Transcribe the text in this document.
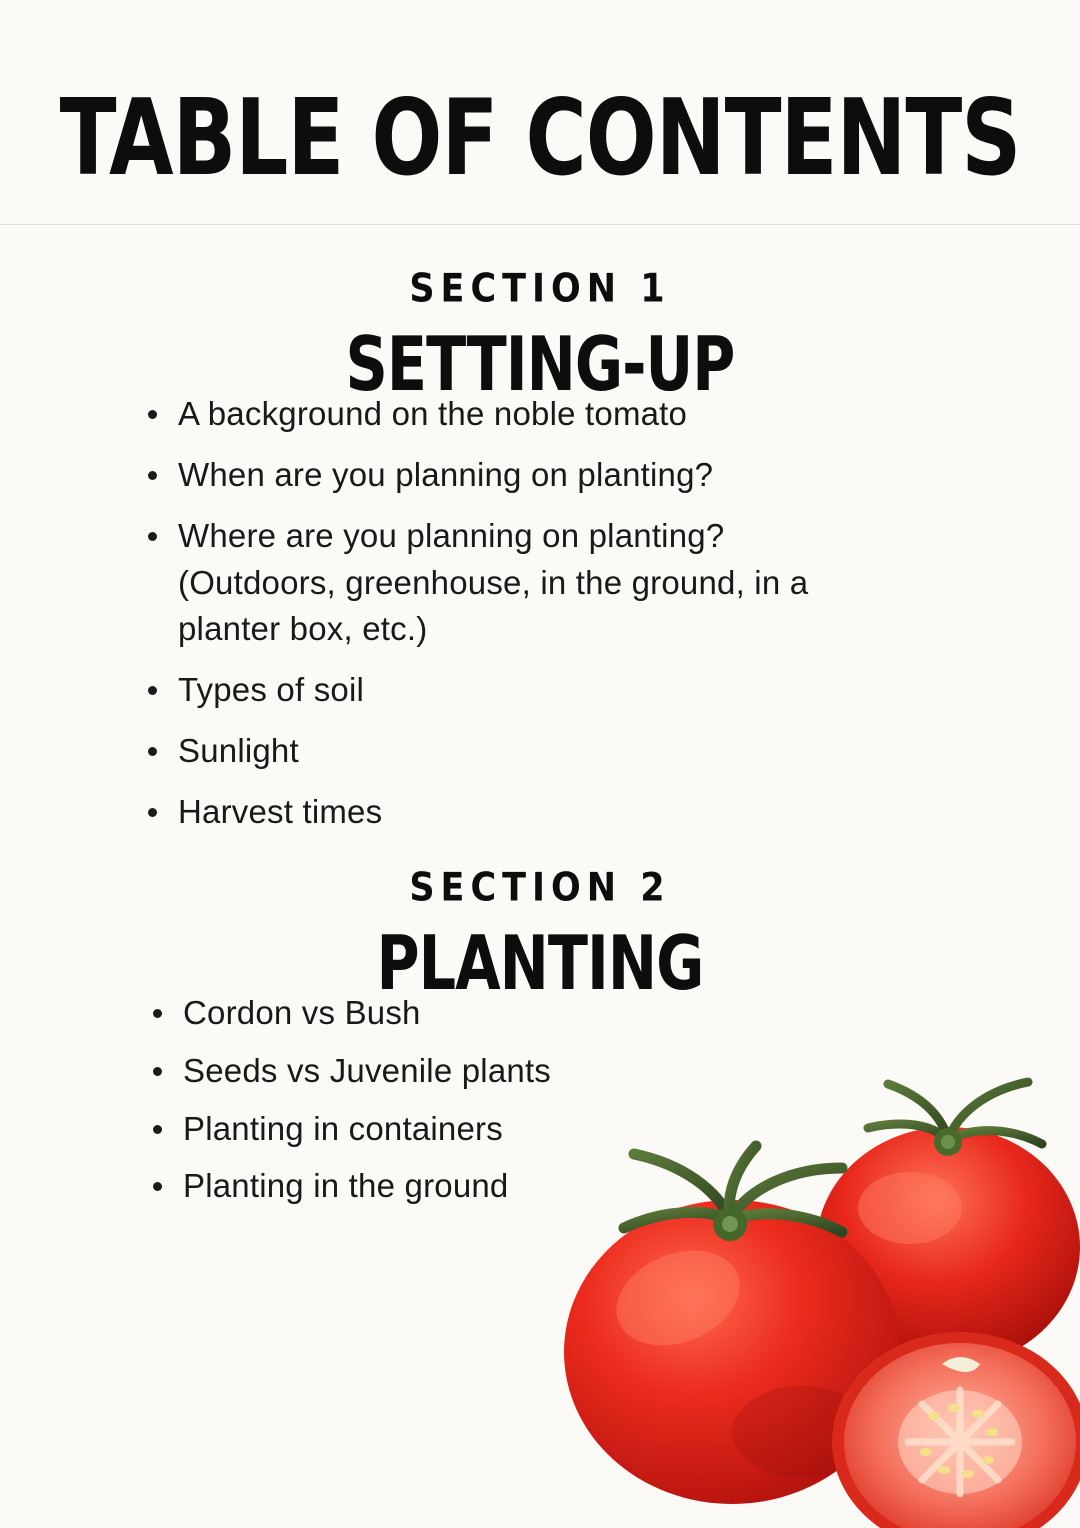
TABLE OF CONTENTS
SECTION 1
SETTING-UP
A background on the noble tomato
When are you planning on planting?
Where are you planning on planting? (Outdoors, greenhouse, in the ground, in a planter box, etc.)
Types of soil
Sunlight
Harvest times
SECTION 2
PLANTING
Cordon vs Bush
Seeds vs Juvenile plants
Planting in containers
Planting in the ground
